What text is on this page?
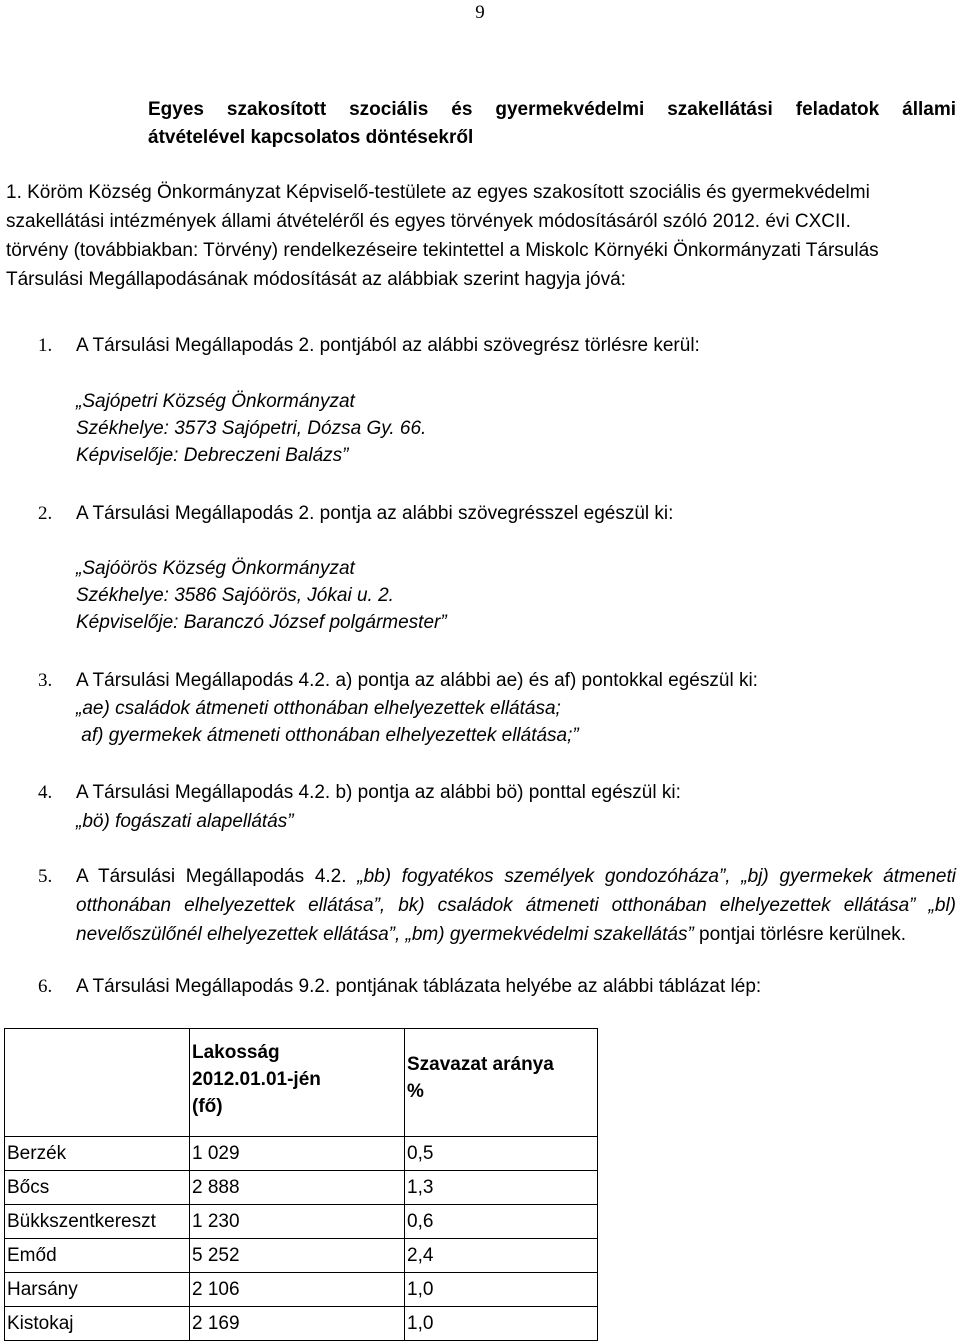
9
Egyes szakosított szociális és gyermekvédelmi szakellátási feladatok állami
átvételével kapcsolatos döntésekről
1. Köröm Község Önkormányzat Képviselő-testülete az egyes szakosított szociális és gyermekvédelmi
szakellátási intézmények állami átvételéről és egyes törvények módosításáról szóló 2012. évi CXCII.
törvény (továbbiakban: Törvény) rendelkezéseire tekintettel a Miskolc Környéki Önkormányzati Társulás
Társulási Megállapodásának módosítását az alábbiak szerint hagyja jóvá:
1. A Társulási Megállapodás 2. pontjából az alábbi szövegrész törlésre kerül:
„Sajópetri Község Önkormányzat
Székhelye: 3573 Sajópetri, Dózsa Gy. 66.
Képviselője: Debreczeni Balázs”
2. A Társulási Megállapodás 2. pontja az alábbi szövegrésszel egészül ki:
„Sajóörös Község Önkormányzat
Székhelye: 3586 Sajóörös, Jókai u. 2.
Képviselője: Baranczó József polgármester”
3. A Társulási Megállapodás 4.2. a) pontja az alábbi ae) és af) pontokkal egészül ki:
„ae) családok átmeneti otthonában elhelyezettek ellátása;
af) gyermekek átmeneti otthonában elhelyezettek ellátása;”
4. A Társulási Megállapodás 4.2. b) pontja az alábbi bö) ponttal egészül ki:
„bö) fogászati alapellátás”
5. A Társulási Megállapodás 4.2. „bb) fogyatékos személyek gondozóháza”, „bj) gyermekek átmeneti
otthonában elhelyezettek ellátása”, bk) családok átmeneti otthonában elhelyezettek ellátása” „bl)
nevelőszülőnél elhelyezettek ellátása”, „bm) gyermekvédelmi szakellátás” pontjai törlésre kerülnek.
6. A Társulási Megállapodás 9.2. pontjának táblázata helyébe az alábbi táblázat lép:

	Lakosság
2012.01.01-jén
(fő)	Szavazat aránya
%

Berzék	1 029	0,5
Bőcs	2 888	1,3
Bükkszentkereszt	1 230	0,6
Emőd	5 252	2,4
Harsány	2 106	1,0
Kistokaj	2 169	1,0
